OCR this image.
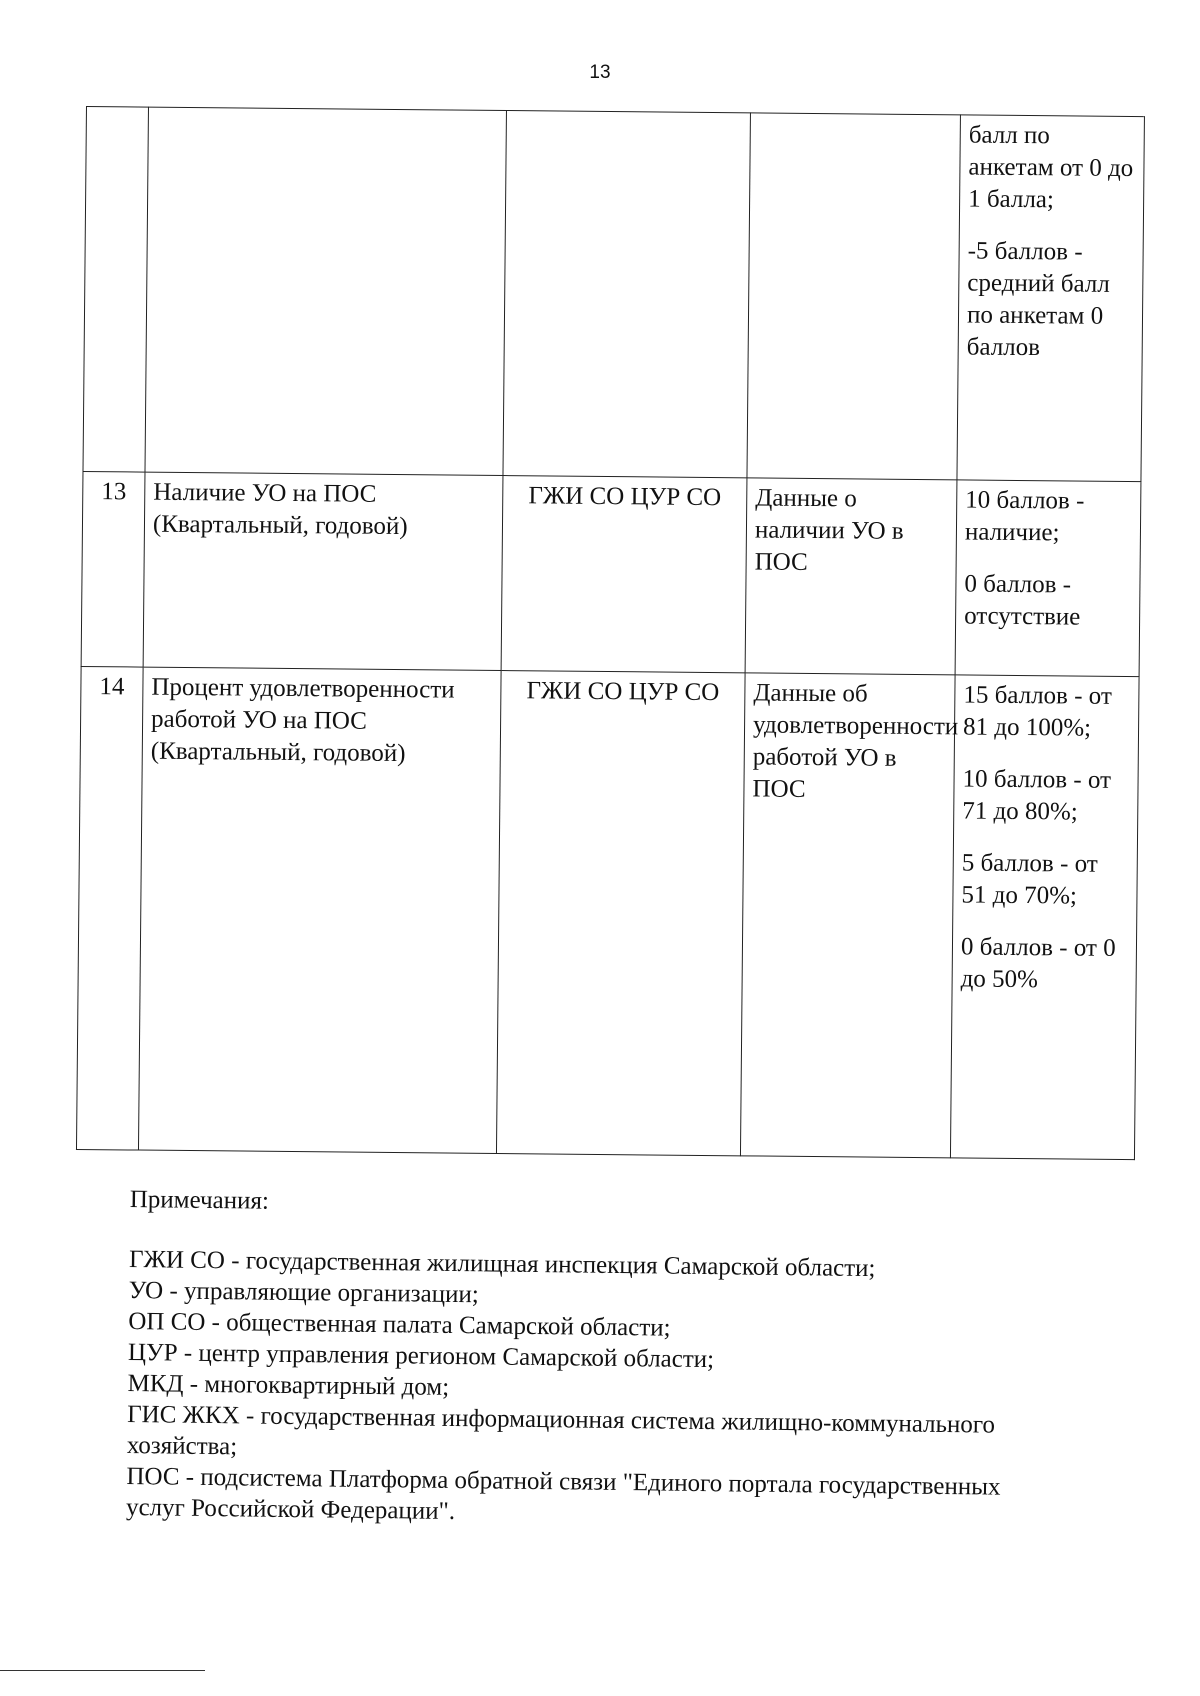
13

				балл по анкетам от 0 до 1 балла;
-5 баллов - средний балл по анкетам 0 баллов

13	Наличие УО на ПОС (Квартальный, годовой)	ГЖИ СО ЦУР СО	Данные о наличии УО в ПОС	10 баллов - наличие;
0 баллов - отсутствие

14	Процент удовлетворенности работой УО на ПОС (Квартальный, годовой)	ГЖИ СО ЦУР СО	Данные об удовлетворенности работой УО в ПОС	15 баллов - от 81 до 100%;
10 баллов - от 71 до 80%;
5 баллов - от 51 до 70%;
0 баллов - от 0 до 50%
Примечания:
ГЖИ СО - государственная жилищная инспекция Самарской области;
УО - управляющие организации;
ОП СО - общественная палата Самарской области;
ЦУР - центр управления регионом Самарской области;
МКД - многоквартирный дом;
ГИС ЖКХ - государственная информационная система жилищно-коммунального хозяйства;
ПОС - подсистема Платформа обратной связи "Единого портала государственных услуг Российской Федерации".
